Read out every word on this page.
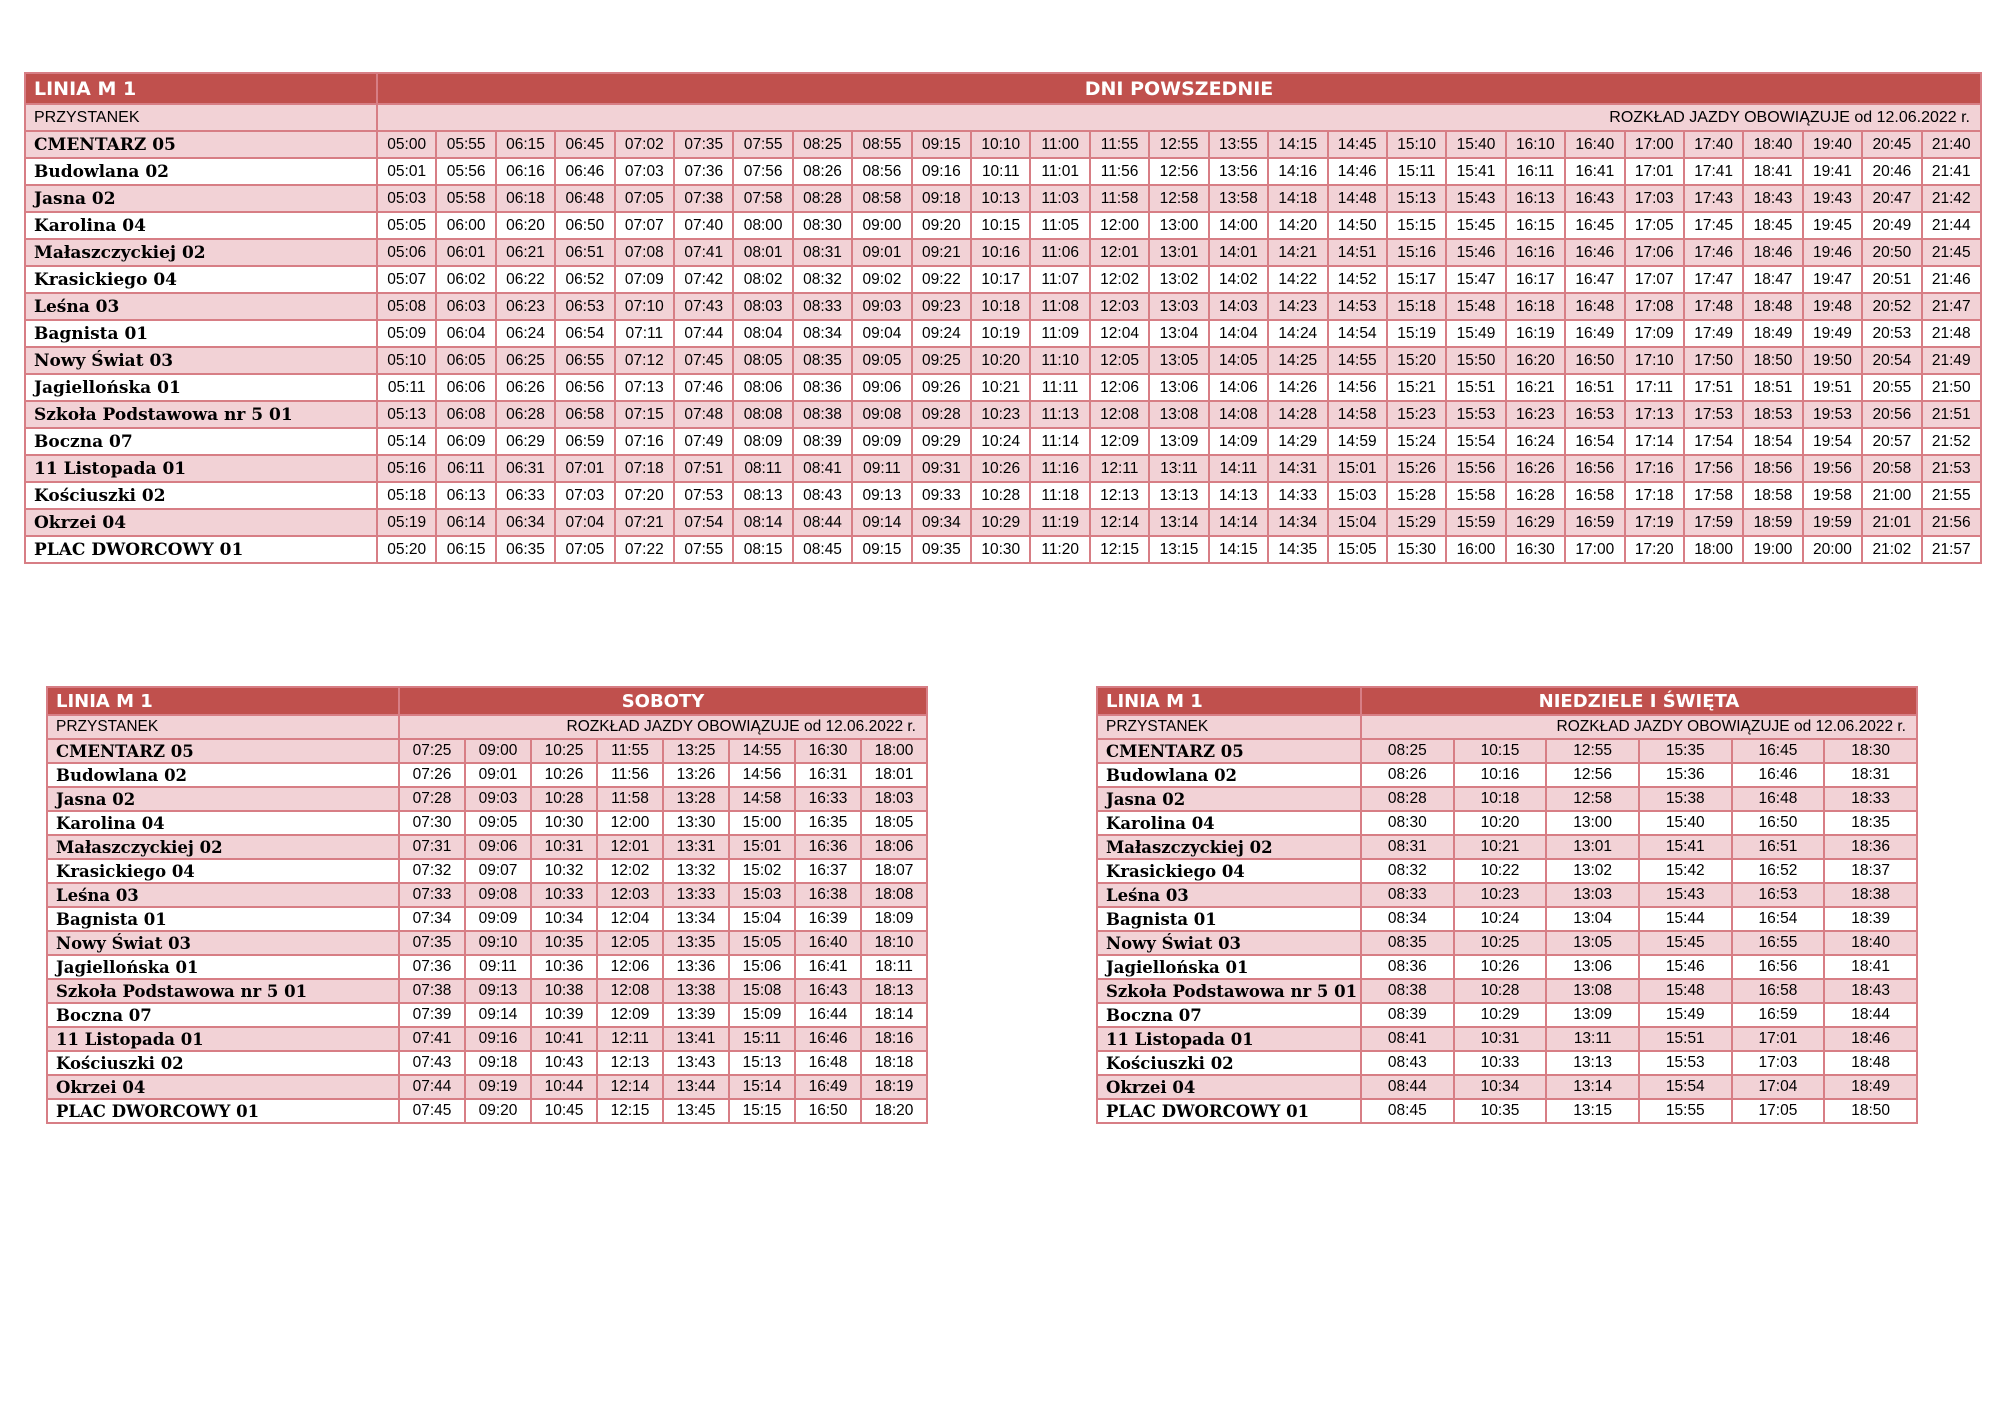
LINIA M 1	DNI POWSZEDNIE																										
PRZYSTANEK	ROZKŁAD JAZDY OBOWIĄZUJE od 12.06.2022 r.																										
CMENTARZ 05	05:00	05:55	06:15	06:45	07:02	07:35	07:55	08:25	08:55	09:15	10:10	11:00	11:55	12:55	13:55	14:15	14:45	15:10	15:40	16:10	16:40	17:00	17:40	18:40	19:40	20:45	21:40
Budowlana 02	05:01	05:56	06:16	06:46	07:03	07:36	07:56	08:26	08:56	09:16	10:11	11:01	11:56	12:56	13:56	14:16	14:46	15:11	15:41	16:11	16:41	17:01	17:41	18:41	19:41	20:46	21:41
Jasna 02	05:03	05:58	06:18	06:48	07:05	07:38	07:58	08:28	08:58	09:18	10:13	11:03	11:58	12:58	13:58	14:18	14:48	15:13	15:43	16:13	16:43	17:03	17:43	18:43	19:43	20:47	21:42
Karolina 04	05:05	06:00	06:20	06:50	07:07	07:40	08:00	08:30	09:00	09:20	10:15	11:05	12:00	13:00	14:00	14:20	14:50	15:15	15:45	16:15	16:45	17:05	17:45	18:45	19:45	20:49	21:44
Małaszczyckiej 02	05:06	06:01	06:21	06:51	07:08	07:41	08:01	08:31	09:01	09:21	10:16	11:06	12:01	13:01	14:01	14:21	14:51	15:16	15:46	16:16	16:46	17:06	17:46	18:46	19:46	20:50	21:45
Krasickiego 04	05:07	06:02	06:22	06:52	07:09	07:42	08:02	08:32	09:02	09:22	10:17	11:07	12:02	13:02	14:02	14:22	14:52	15:17	15:47	16:17	16:47	17:07	17:47	18:47	19:47	20:51	21:46
Leśna 03	05:08	06:03	06:23	06:53	07:10	07:43	08:03	08:33	09:03	09:23	10:18	11:08	12:03	13:03	14:03	14:23	14:53	15:18	15:48	16:18	16:48	17:08	17:48	18:48	19:48	20:52	21:47
Bagnista 01	05:09	06:04	06:24	06:54	07:11	07:44	08:04	08:34	09:04	09:24	10:19	11:09	12:04	13:04	14:04	14:24	14:54	15:19	15:49	16:19	16:49	17:09	17:49	18:49	19:49	20:53	21:48
Nowy Świat 03	05:10	06:05	06:25	06:55	07:12	07:45	08:05	08:35	09:05	09:25	10:20	11:10	12:05	13:05	14:05	14:25	14:55	15:20	15:50	16:20	16:50	17:10	17:50	18:50	19:50	20:54	21:49
Jagiellońska 01	05:11	06:06	06:26	06:56	07:13	07:46	08:06	08:36	09:06	09:26	10:21	11:11	12:06	13:06	14:06	14:26	14:56	15:21	15:51	16:21	16:51	17:11	17:51	18:51	19:51	20:55	21:50
Szkoła Podstawowa nr 5 01	05:13	06:08	06:28	06:58	07:15	07:48	08:08	08:38	09:08	09:28	10:23	11:13	12:08	13:08	14:08	14:28	14:58	15:23	15:53	16:23	16:53	17:13	17:53	18:53	19:53	20:56	21:51
Boczna 07	05:14	06:09	06:29	06:59	07:16	07:49	08:09	08:39	09:09	09:29	10:24	11:14	12:09	13:09	14:09	14:29	14:59	15:24	15:54	16:24	16:54	17:14	17:54	18:54	19:54	20:57	21:52
11 Listopada 01	05:16	06:11	06:31	07:01	07:18	07:51	08:11	08:41	09:11	09:31	10:26	11:16	12:11	13:11	14:11	14:31	15:01	15:26	15:56	16:26	16:56	17:16	17:56	18:56	19:56	20:58	21:53
Kościuszki 02	05:18	06:13	06:33	07:03	07:20	07:53	08:13	08:43	09:13	09:33	10:28	11:18	12:13	13:13	14:13	14:33	15:03	15:28	15:58	16:28	16:58	17:18	17:58	18:58	19:58	21:00	21:55
Okrzei 04	05:19	06:14	06:34	07:04	07:21	07:54	08:14	08:44	09:14	09:34	10:29	11:19	12:14	13:14	14:14	14:34	15:04	15:29	15:59	16:29	16:59	17:19	17:59	18:59	19:59	21:01	21:56
PLAC DWORCOWY 01	05:20	06:15	06:35	07:05	07:22	07:55	08:15	08:45	09:15	09:35	10:30	11:20	12:15	13:15	14:15	14:35	15:05	15:30	16:00	16:30	17:00	17:20	18:00	19:00	20:00	21:02	21:57
LINIA M 1	SOBOTY							
PRZYSTANEK	ROZKŁAD JAZDY OBOWIĄZUJE od 12.06.2022 r.							
CMENTARZ 05	07:25	09:00	10:25	11:55	13:25	14:55	16:30	18:00
Budowlana 02	07:26	09:01	10:26	11:56	13:26	14:56	16:31	18:01
Jasna 02	07:28	09:03	10:28	11:58	13:28	14:58	16:33	18:03
Karolina 04	07:30	09:05	10:30	12:00	13:30	15:00	16:35	18:05
Małaszczyckiej 02	07:31	09:06	10:31	12:01	13:31	15:01	16:36	18:06
Krasickiego 04	07:32	09:07	10:32	12:02	13:32	15:02	16:37	18:07
Leśna 03	07:33	09:08	10:33	12:03	13:33	15:03	16:38	18:08
Bagnista 01	07:34	09:09	10:34	12:04	13:34	15:04	16:39	18:09
Nowy Świat 03	07:35	09:10	10:35	12:05	13:35	15:05	16:40	18:10
Jagiellońska 01	07:36	09:11	10:36	12:06	13:36	15:06	16:41	18:11
Szkoła Podstawowa nr 5 01	07:38	09:13	10:38	12:08	13:38	15:08	16:43	18:13
Boczna 07	07:39	09:14	10:39	12:09	13:39	15:09	16:44	18:14
11 Listopada 01	07:41	09:16	10:41	12:11	13:41	15:11	16:46	18:16
Kościuszki 02	07:43	09:18	10:43	12:13	13:43	15:13	16:48	18:18
Okrzei 04	07:44	09:19	10:44	12:14	13:44	15:14	16:49	18:19
PLAC DWORCOWY 01	07:45	09:20	10:45	12:15	13:45	15:15	16:50	18:20
LINIA M 1	NIEDZIELE I ŚWIĘTA					
PRZYSTANEK	ROZKŁAD JAZDY OBOWIĄZUJE od 12.06.2022 r.					
CMENTARZ 05	08:25	10:15	12:55	15:35	16:45	18:30
Budowlana 02	08:26	10:16	12:56	15:36	16:46	18:31
Jasna 02	08:28	10:18	12:58	15:38	16:48	18:33
Karolina 04	08:30	10:20	13:00	15:40	16:50	18:35
Małaszczyckiej 02	08:31	10:21	13:01	15:41	16:51	18:36
Krasickiego 04	08:32	10:22	13:02	15:42	16:52	18:37
Leśna 03	08:33	10:23	13:03	15:43	16:53	18:38
Bagnista 01	08:34	10:24	13:04	15:44	16:54	18:39
Nowy Świat 03	08:35	10:25	13:05	15:45	16:55	18:40
Jagiellońska 01	08:36	10:26	13:06	15:46	16:56	18:41
Szkoła Podstawowa nr 5 01	08:38	10:28	13:08	15:48	16:58	18:43
Boczna 07	08:39	10:29	13:09	15:49	16:59	18:44
11 Listopada 01	08:41	10:31	13:11	15:51	17:01	18:46
Kościuszki 02	08:43	10:33	13:13	15:53	17:03	18:48
Okrzei 04	08:44	10:34	13:14	15:54	17:04	18:49
PLAC DWORCOWY 01	08:45	10:35	13:15	15:55	17:05	18:50
